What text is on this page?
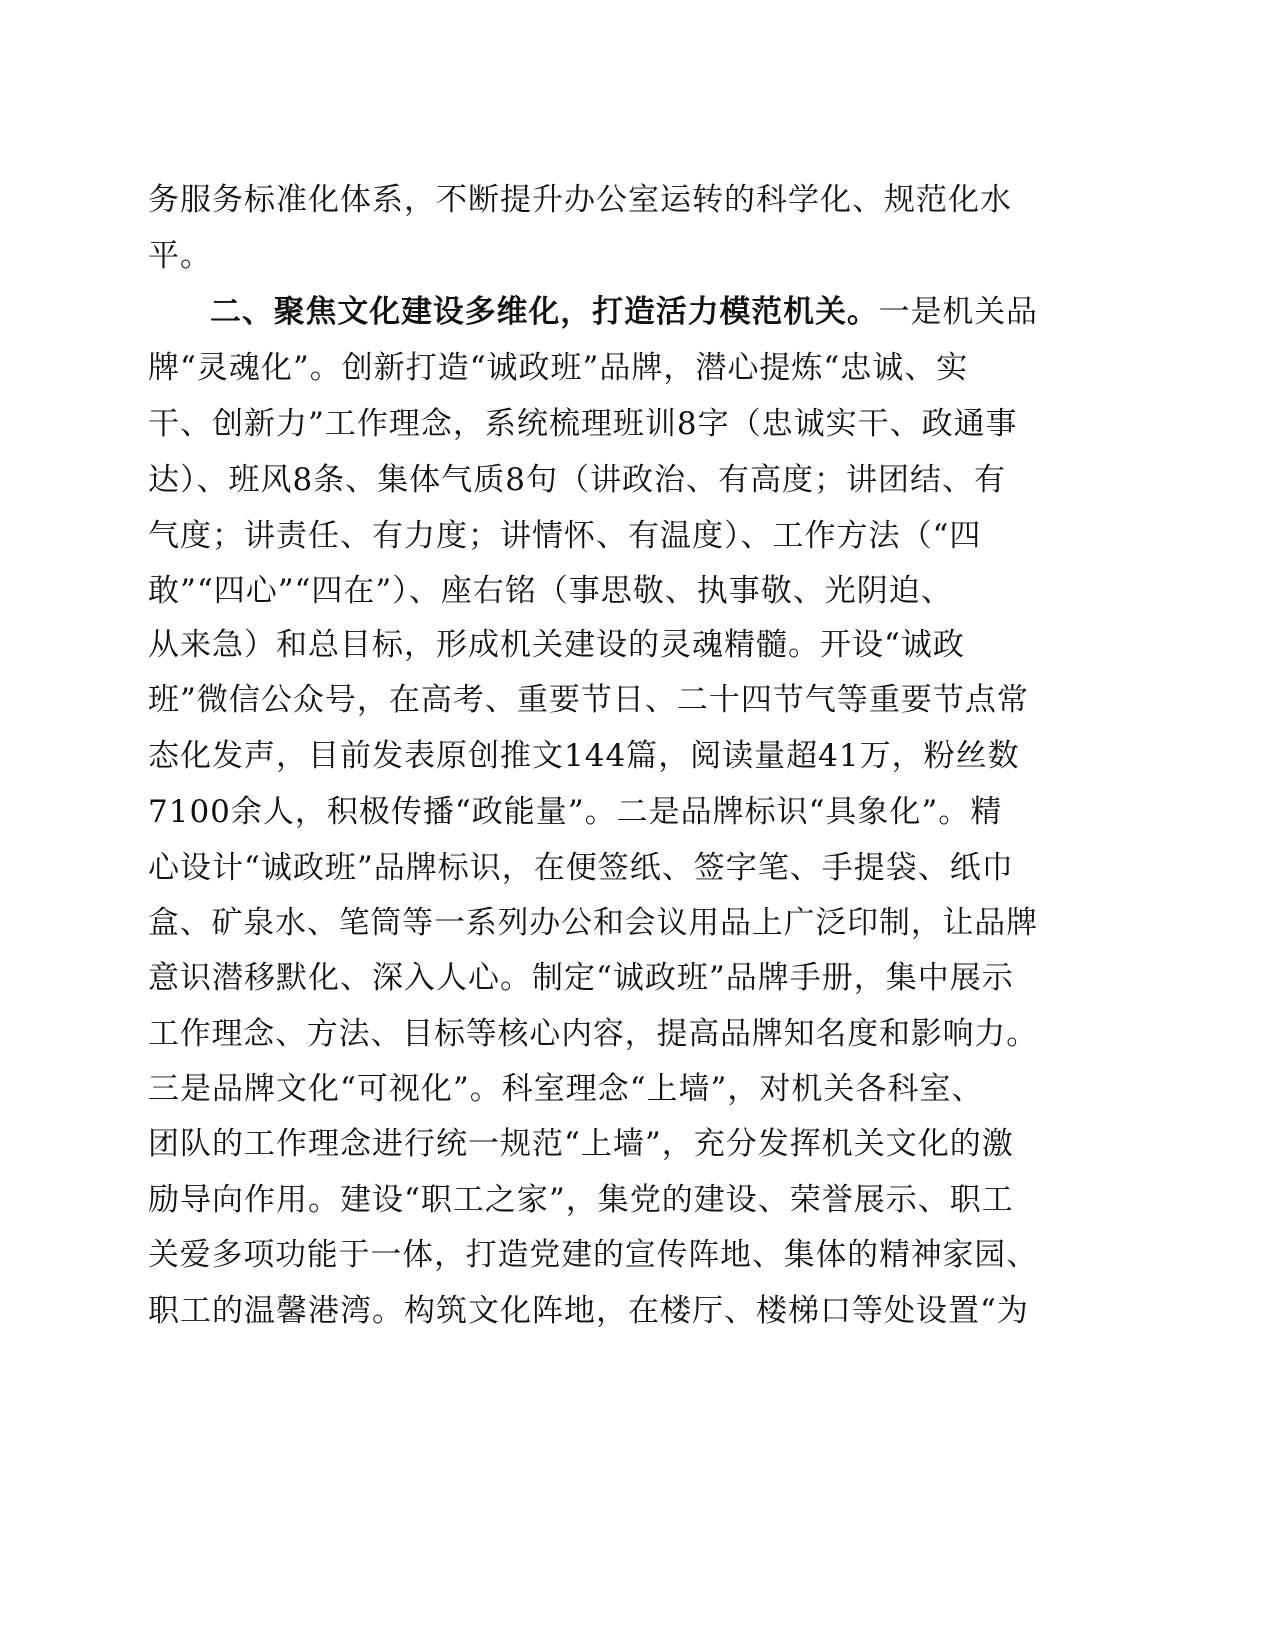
务服务标准化体系，不断提升办公室运转的科学化、规范化水
平。
二、聚焦文化建设多维化，打造活力模范机关。一是机关品
牌“灵魂化”。创新打造“诚政班”品牌，潜心提炼“忠诚、实
干、创新力”工作理念，系统梳理班训8字（忠诚实干、政通事
达）、班风8条、集体气质8句（讲政治、有高度；讲团结、有
气度；讲责任、有力度；讲情怀、有温度）、工作方法（“四
敢”“四心”“四在”）、座右铭（事思敬、执事敬、光阴迫、
从来急）和总目标，形成机关建设的灵魂精髓。开设“诚政
班”微信公众号，在高考、重要节日、二十四节气等重要节点常
态化发声，目前发表原创推文144篇，阅读量超41万，粉丝数
7100余人，积极传播“政能量”。二是品牌标识“具象化”。精
心设计“诚政班”品牌标识，在便签纸、签字笔、手提袋、纸巾
盒、矿泉水、笔筒等一系列办公和会议用品上广泛印制，让品牌
意识潜移默化、深入人心。制定“诚政班”品牌手册，集中展示
工作理念、方法、目标等核心内容，提高品牌知名度和影响力。
三是品牌文化“可视化”。科室理念“上墙”，对机关各科室、
团队的工作理念进行统一规范“上墙”，充分发挥机关文化的激
励导向作用。建设“职工之家”，集党的建设、荣誉展示、职工
关爱多项功能于一体，打造党建的宣传阵地、集体的精神家园、
职工的温馨港湾。构筑文化阵地，在楼厅、楼梯口等处设置“为
